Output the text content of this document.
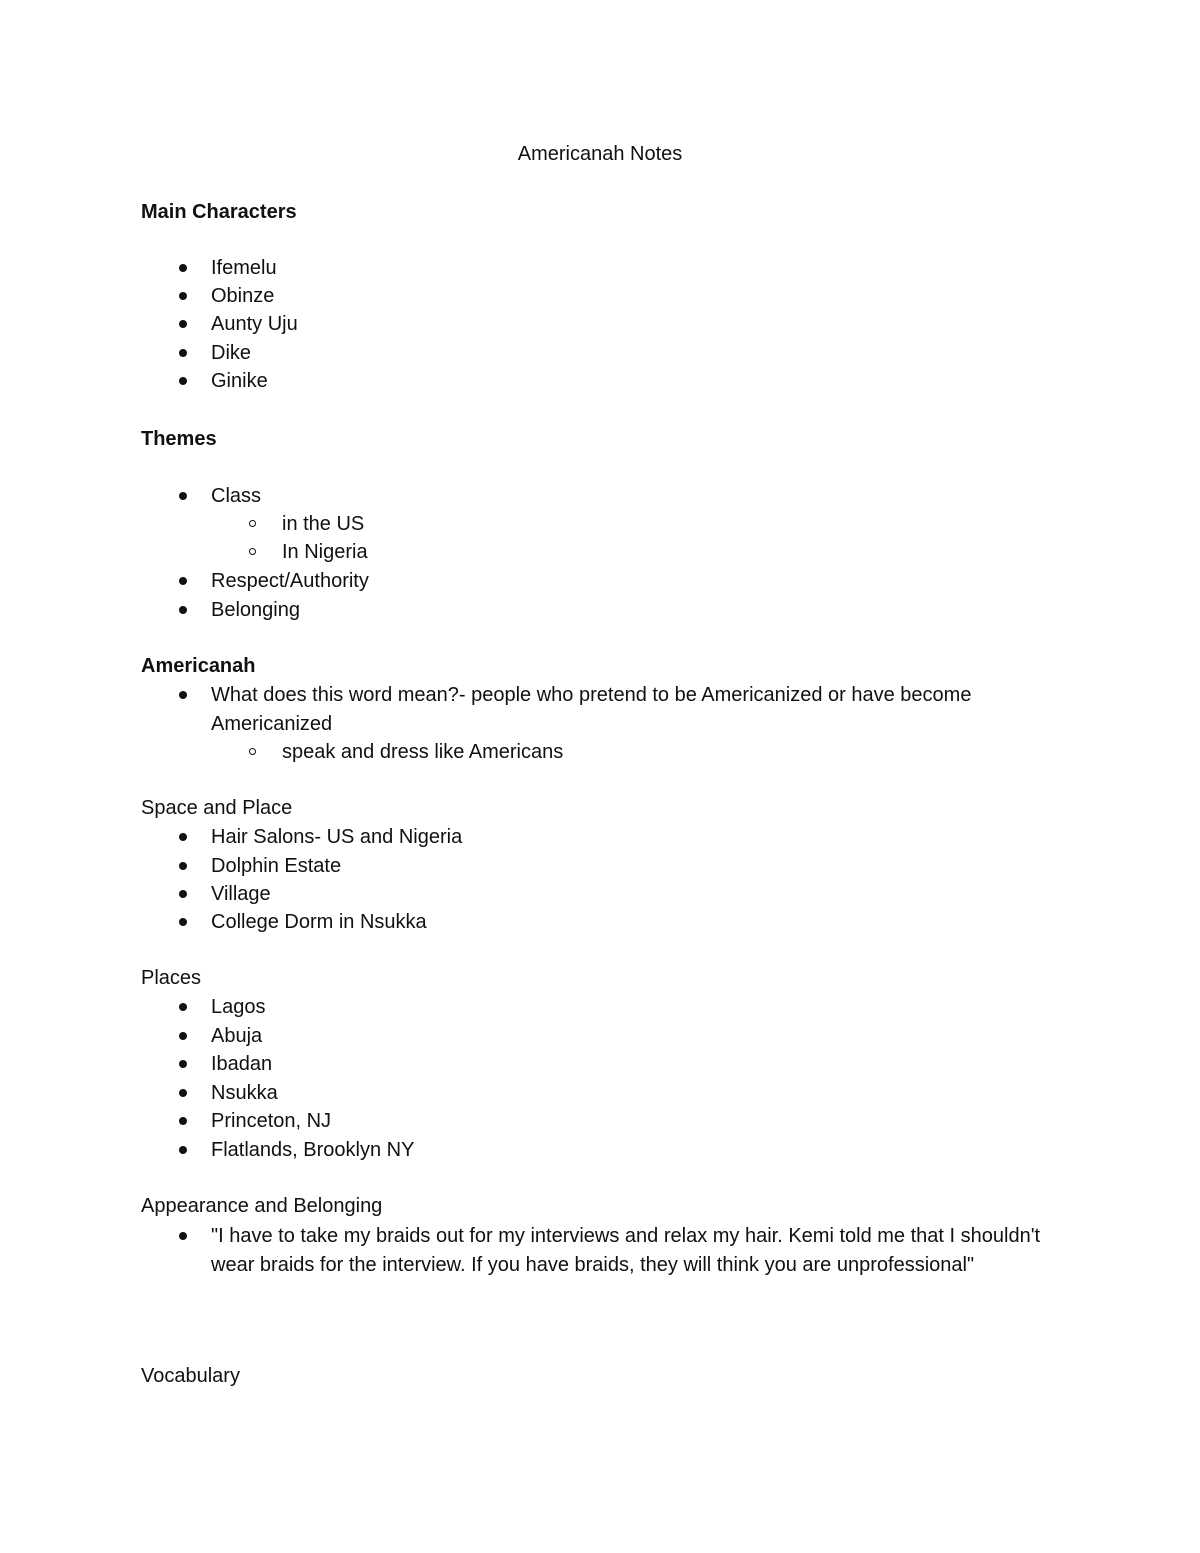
Americanah Notes
Main Characters
Ifemelu
Obinze
Aunty Uju
Dike
Ginike
Themes
Class
in the US
In Nigeria
Respect/Authority
Belonging
Americanah
What does this word mean?- people who pretend to be Americanized or have become Americanized
speak and dress like Americans
Space and Place
Hair Salons- US and Nigeria
Dolphin Estate
Village
College Dorm in Nsukka
Places
Lagos
Abuja
Ibadan
Nsukka
Princeton, NJ
Flatlands, Brooklyn NY
Appearance and Belonging
"I have to take my braids out for my interviews and relax my hair. Kemi told me that I shouldn't wear braids for the interview. If you have braids, they will think you are unprofessional"
Vocabulary
